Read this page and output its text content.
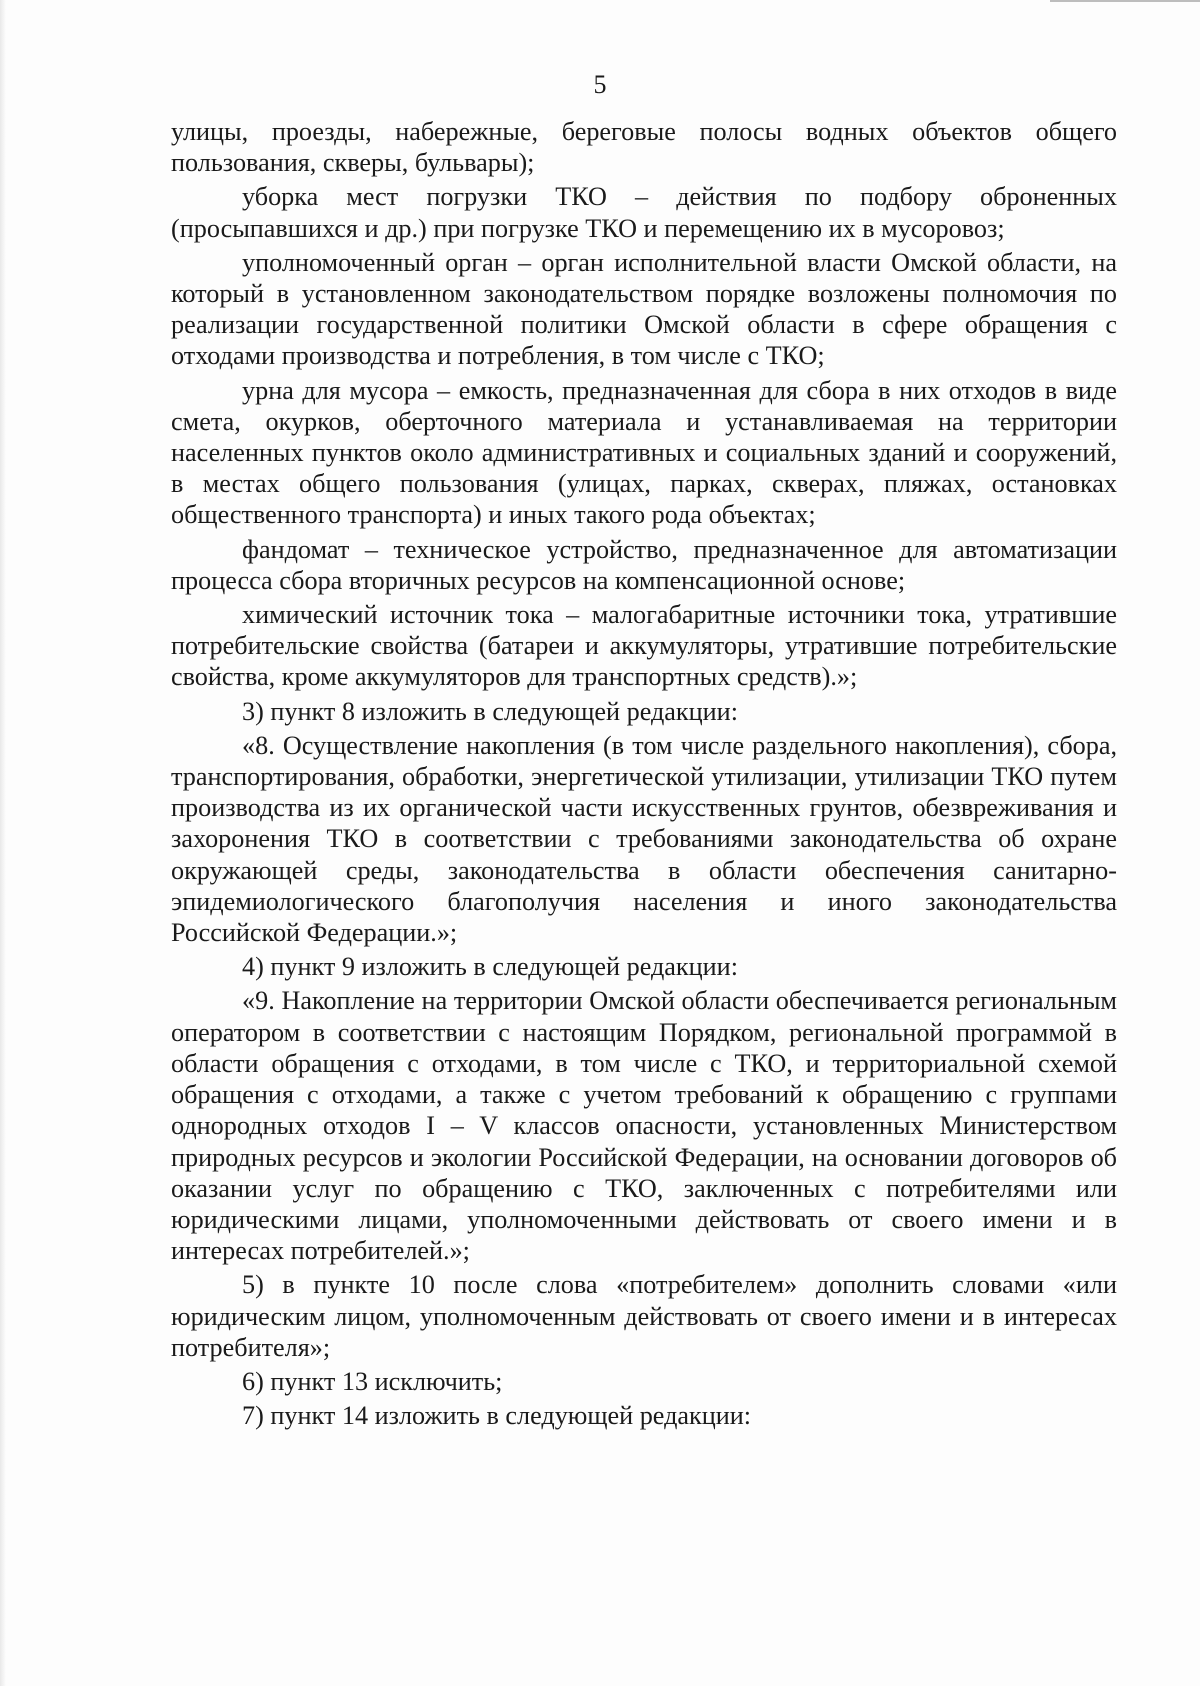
5

улицы, проезды, набережные, береговые полосы водных объектов общего пользования, скверы, бульвары);

уборка мест погрузки ТКО – действия по подбору оброненных (просыпавшихся и др.) при погрузке ТКО и перемещению их в мусоровоз;

уполномоченный орган – орган исполнительной власти Омской области, на который в установленном законодательством порядке возложены полномочия по реализации государственной политики Омской области в сфере обращения с отходами производства и потребления, в том числе с ТКО;

урна для мусора – емкость, предназначенная для сбора в них отходов в виде смета, окурков, оберточного материала и устанавливаемая на территории населенных пунктов около административных и социальных зданий и сооружений, в местах общего пользования (улицах, парках, скверах, пляжах, остановках общественного транспорта) и иных такого рода объектах;

фандомат – техническое устройство, предназначенное для автоматизации процесса сбора вторичных ресурсов на компенсационной основе;

химический источник тока – малогабаритные источники тока, утратившие потребительские свойства (батареи и аккумуляторы, утратившие потребительские свойства, кроме аккумуляторов для транспортных средств).»;

3) пункт 8 изложить в следующей редакции:

«8. Осуществление накопления (в том числе раздельного накопления), сбора, транспортирования, обработки, энергетической утилизации, утилизации ТКО путем производства из их органической части искусственных грунтов, обезвреживания и захоронения ТКО в соответствии с требованиями законодательства об охране окружающей среды, законодательства в области обеспечения санитарно-эпидемиологического благополучия населения и иного законодательства Российской Федерации.»;

4) пункт 9 изложить в следующей редакции:

«9. Накопление на территории Омской области обеспечивается региональным оператором в соответствии с настоящим Порядком, региональной программой в области обращения с отходами, в том числе с ТКО, и территориальной схемой обращения с отходами, а также с учетом требований к обращению с группами однородных отходов I – V классов опасности, установленных Министерством природных ресурсов и экологии Российской Федерации, на основании договоров об оказании услуг по обращению с ТКО, заключенных с потребителями или юридическими лицами, уполномоченными действовать от своего имени и в интересах потребителей.»;

5) в пункте 10 после слова «потребителем» дополнить словами «или юридическим лицом, уполномоченным действовать от своего имени и в интересах потребителя»;

6) пункт 13 исключить;

7) пункт 14 изложить в следующей редакции:
